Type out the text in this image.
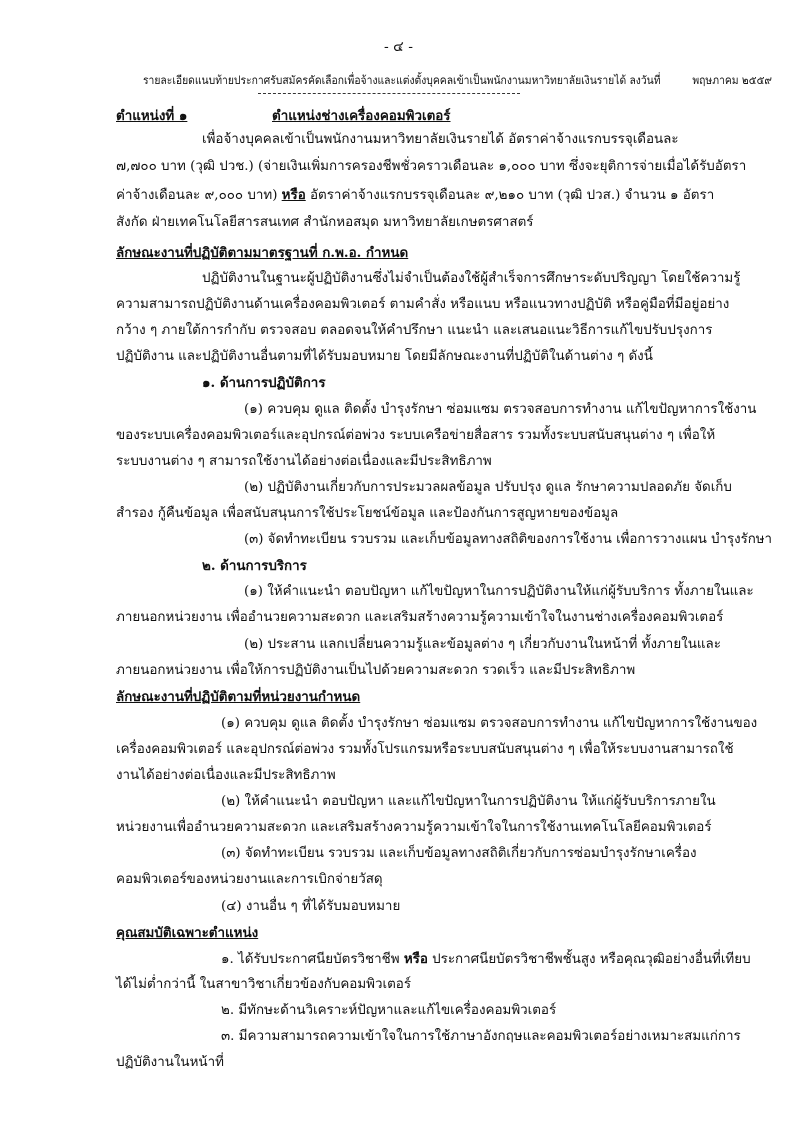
- ๔ -
รายละเอียดแนบท้ายประกาศรับสมัครคัดเลือกเพื่อจ้างและแต่งตั้งบุคคลเข้าเป็นพนักงานมหาวิทยาลัยเงินรายได้ ลงวันที่	พฤษภาคม ๒๕๕๙
ตำแหน่งที่ ๑	ตำแหน่งช่างเครื่องคอมพิวเตอร์
เพื่อจ้างบุคคลเข้าเป็นพนักงานมหาวิทยาลัยเงินรายได้ อัตราค่าจ้างแรกบรรจุเดือนละ
๗,๗๐๐ บาท (วุฒิ ปวช.) (จ่ายเงินเพิ่มการครองชีพชั่วคราวเดือนละ ๑,๐๐๐ บาท ซึ่งจะยุติการจ่ายเมื่อได้รับอัตรา
ค่าจ้างเดือนละ ๙,๐๐๐ บาท) หรือ อัตราค่าจ้างแรกบรรจุเดือนละ ๙,๒๑๐ บาท (วุฒิ ปวส.) จำนวน ๑ อัตรา
สังกัด ฝ่ายเทคโนโลยีสารสนเทศ สำนักหอสมุด มหาวิทยาลัยเกษตรศาสตร์
ลักษณะงานที่ปฏิบัติตามมาตรฐานที่ ก.พ.อ. กำหนด
ปฏิบัติงานในฐานะผู้ปฏิบัติงานซึ่งไม่จำเป็นต้องใช้ผู้สำเร็จการศึกษาระดับปริญญา โดยใช้ความรู้
ความสามารถปฏิบัติงานด้านเครื่องคอมพิวเตอร์ ตามคำสั่ง หรือแนบ หรือแนวทางปฏิบัติ หรือคู่มือที่มีอยู่อย่าง
กว้าง ๆ ภายใต้การกำกับ ตรวจสอบ ตลอดจนให้คำปรึกษา แนะนำ และเสนอแนะวิธีการแก้ไขปรับปรุงการ
ปฏิบัติงาน และปฏิบัติงานอื่นตามที่ได้รับมอบหมาย โดยมีลักษณะงานที่ปฏิบัติในด้านต่าง ๆ ดังนี้
๑. ด้านการปฏิบัติการ
(๑) ควบคุม ดูแล ติดตั้ง บำรุงรักษา ซ่อมแซม ตรวจสอบการทำงาน แก้ไขปัญหาการใช้งาน
ของระบบเครื่องคอมพิวเตอร์และอุปกรณ์ต่อพ่วง ระบบเครือข่ายสื่อสาร รวมทั้งระบบสนับสนุนต่าง ๆ เพื่อให้
ระบบงานต่าง ๆ สามารถใช้งานได้อย่างต่อเนื่องและมีประสิทธิภาพ
(๒) ปฏิบัติงานเกี่ยวกับการประมวลผลข้อมูล ปรับปรุง ดูแล รักษาความปลอดภัย จัดเก็บ
สำรอง กู้คืนข้อมูล เพื่อสนับสนุนการใช้ประโยชน์ข้อมูล และป้องกันการสูญหายของข้อมูล
(๓) จัดทำทะเบียน รวบรวม และเก็บข้อมูลทางสถิติของการใช้งาน เพื่อการวางแผน บำรุงรักษา
๒. ด้านการบริการ
(๑) ให้คำแนะนำ ตอบปัญหา แก้ไขปัญหาในการปฏิบัติงานให้แก่ผู้รับบริการ ทั้งภายในและ
ภายนอกหน่วยงาน เพื่ออำนวยความสะดวก และเสริมสร้างความรู้ความเข้าใจในงานช่างเครื่องคอมพิวเตอร์
(๒) ประสาน แลกเปลี่ยนความรู้และข้อมูลต่าง ๆ เกี่ยวกับงานในหน้าที่ ทั้งภายในและ
ภายนอกหน่วยงาน เพื่อให้การปฏิบัติงานเป็นไปด้วยความสะดวก รวดเร็ว และมีประสิทธิภาพ
ลักษณะงานที่ปฏิบัติตามที่หน่วยงานกำหนด
(๑) ควบคุม ดูแล ติดตั้ง บำรุงรักษา ซ่อมแซม ตรวจสอบการทำงาน แก้ไขปัญหาการใช้งานของ
เครื่องคอมพิวเตอร์ และอุปกรณ์ต่อพ่วง รวมทั้งโปรแกรมหรือระบบสนับสนุนต่าง ๆ เพื่อให้ระบบงานสามารถใช้
งานได้อย่างต่อเนื่องและมีประสิทธิภาพ
(๒) ให้คำแนะนำ ตอบปัญหา และแก้ไขปัญหาในการปฏิบัติงาน ให้แก่ผู้รับบริการภายใน
หน่วยงานเพื่ออำนวยความสะดวก และเสริมสร้างความรู้ความเข้าใจในการใช้งานเทคโนโลยีคอมพิวเตอร์
(๓) จัดทำทะเบียน รวบรวม และเก็บข้อมูลทางสถิติเกี่ยวกับการซ่อมบำรุงรักษาเครื่อง
คอมพิวเตอร์ของหน่วยงานและการเบิกจ่ายวัสดุ
(๔) งานอื่น ๆ ที่ได้รับมอบหมาย
คุณสมบัติเฉพาะตำแหน่ง
๑. ได้รับประกาศนียบัตรวิชาชีพ หรือ ประกาศนียบัตรวิชาชีพชั้นสูง หรือคุณวุฒิอย่างอื่นที่เทียบ
ได้ไม่ต่ำกว่านี้ ในสาขาวิชาเกี่ยวข้องกับคอมพิวเตอร์
๒. มีทักษะด้านวิเคราะห์ปัญหาและแก้ไขเครื่องคอมพิวเตอร์
๓. มีความสามารถความเข้าใจในการใช้ภาษาอังกฤษและคอมพิวเตอร์อย่างเหมาะสมแก่การ
ปฏิบัติงานในหน้าที่
